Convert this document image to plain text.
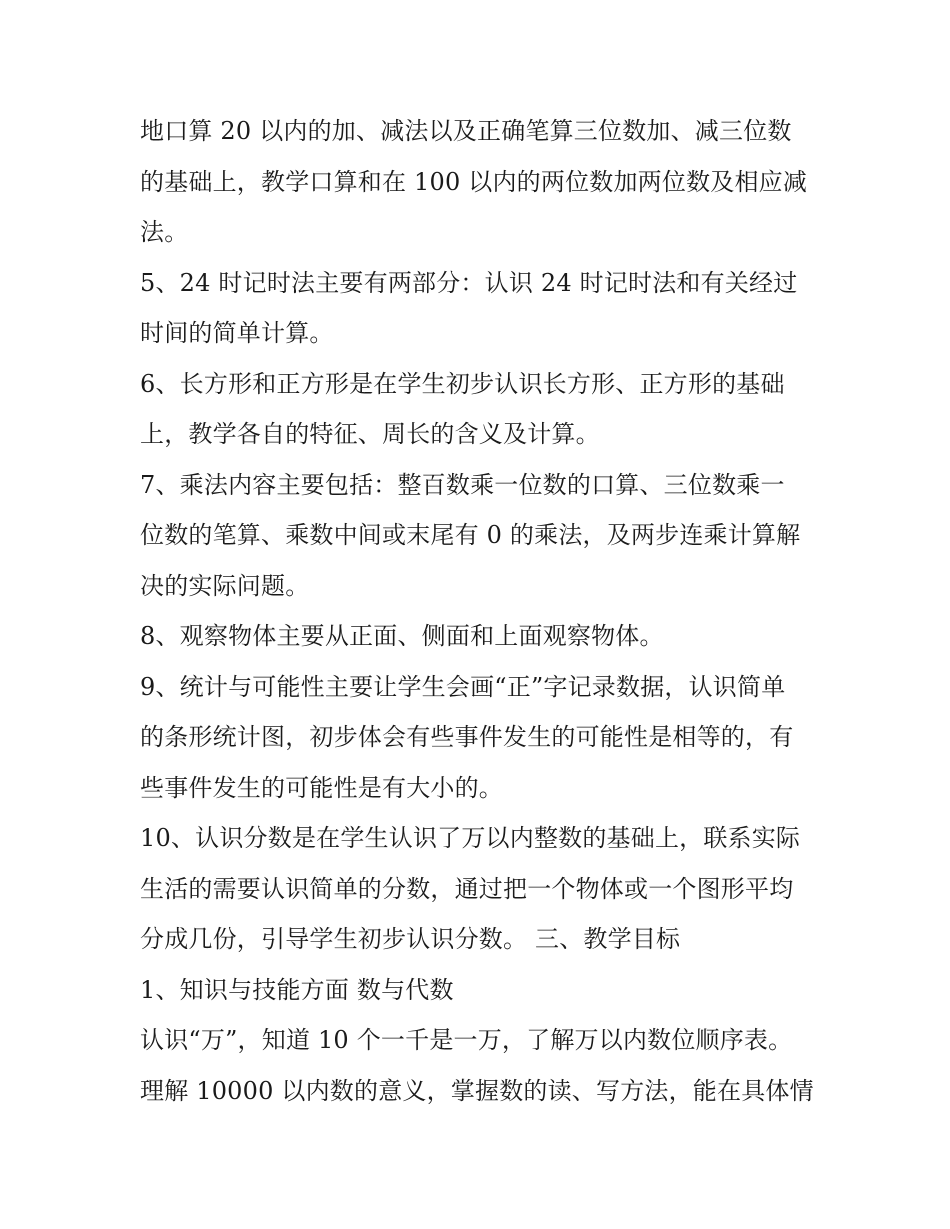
地口算 20 以内的加、减法以及正确笔算三位数加、减三位数
的基础上，教学口算和在 100 以内的两位数加两位数及相应减
法。
5、24 时记时法主要有两部分：认识 24 时记时法和有关经过
时间的简单计算。
6、长方形和正方形是在学生初步认识长方形、正方形的基础
上，教学各自的特征、周长的含义及计算。
7、乘法内容主要包括：整百数乘一位数的口算、三位数乘一
位数的笔算、乘数中间或末尾有 0 的乘法，及两步连乘计算解
决的实际问题。
8、观察物体主要从正面、侧面和上面观察物体。
9、统计与可能性主要让学生会画“正”字记录数据，认识简单
的条形统计图，初步体会有些事件发生的可能性是相等的，有
些事件发生的可能性是有大小的。
10、认识分数是在学生认识了万以内整数的基础上，联系实际
生活的需要认识简单的分数，通过把一个物体或一个图形平均
分成几份，引导学生初步认识分数。 三、教学目标
1、知识与技能方面 数与代数
认识“万”，知道 10 个一千是一万，了解万以内数位顺序表。
理解 10000 以内数的意义，掌握数的读、写方法，能在具体情
